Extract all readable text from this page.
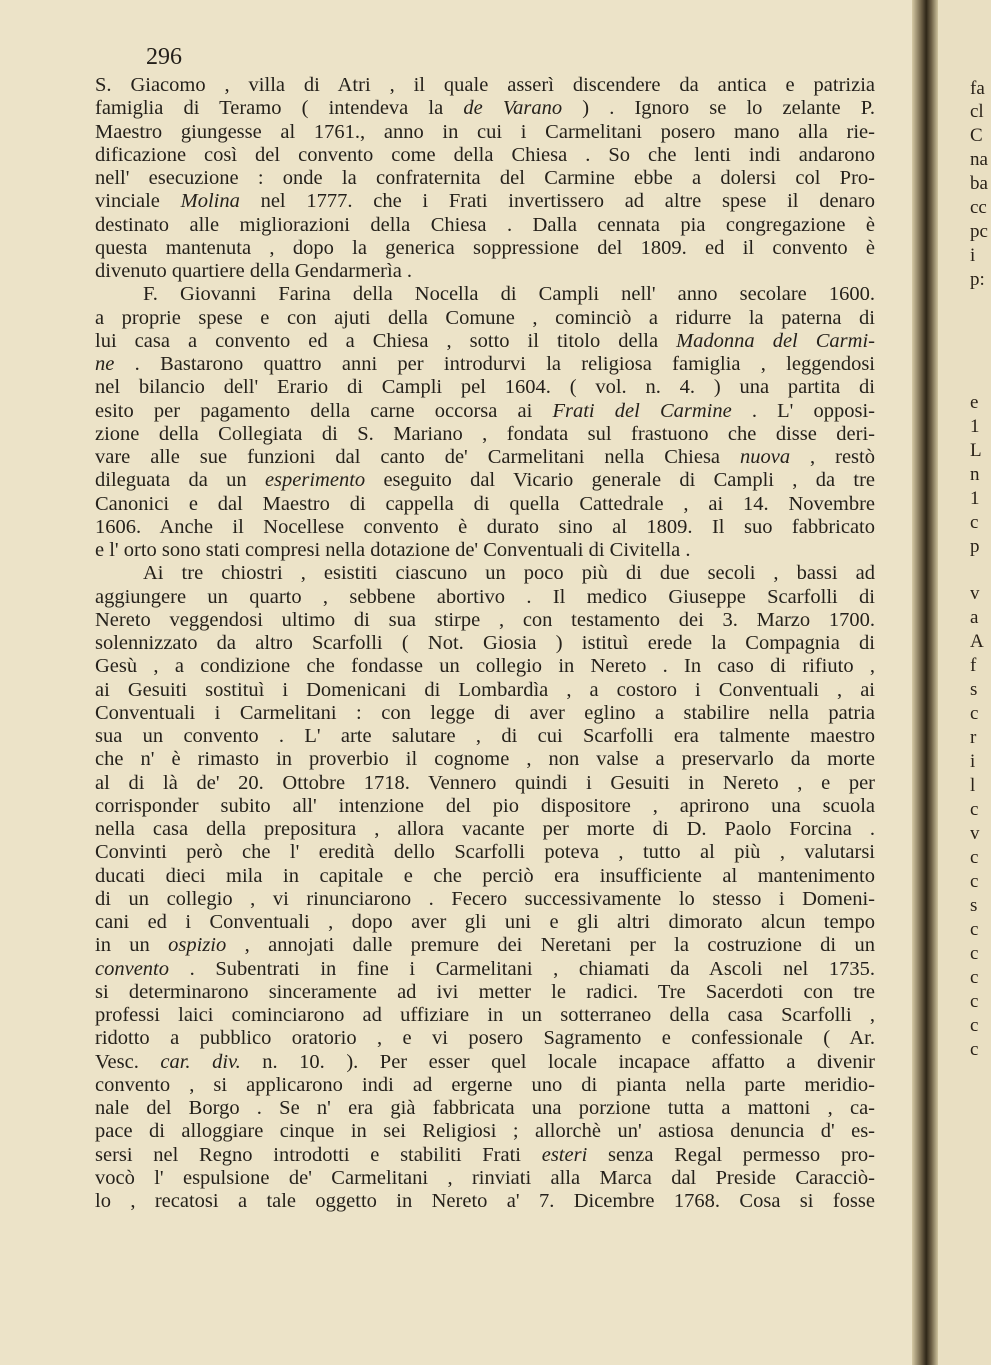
296
S. Giacomo , villa di Atri , il quale asserì discendere da antica e patrizia
famiglia di Teramo ( intendeva la de Varano ) . Ignoro se lo zelante P.
Maestro giungesse al 1761., anno in cui i Carmelitani posero mano alla rie-
dificazione così del convento come della Chiesa . So che lenti indi andarono
nell' esecuzione : onde la confraternita del Carmine ebbe a dolersi col Pro-
vinciale Molina nel 1777. che i Frati invertissero ad altre spese il denaro
destinato alle migliorazioni della Chiesa . Dalla cennata pia congregazione è
questa mantenuta , dopo la generica soppressione del 1809. ed il convento è
divenuto quartiere della Gendarmerìa .
F. Giovanni Farina della Nocella di Campli nell' anno secolare 1600.
a proprie spese e con ajuti della Comune , cominciò a ridurre la paterna di
lui casa a convento ed a Chiesa , sotto il titolo della Madonna del Carmi-
ne . Bastarono quattro anni per introdurvi la religiosa famiglia , leggendosi
nel bilancio dell' Erario di Campli pel 1604. ( vol. n. 4. ) una partita di
esito per pagamento della carne occorsa ai Frati del Carmine . L' opposi-
zione della Collegiata di S. Mariano , fondata sul frastuono che disse deri-
vare alle sue funzioni dal canto de' Carmelitani nella Chiesa nuova , restò
dileguata da un esperimento eseguito dal Vicario generale di Campli , da tre
Canonici e dal Maestro di cappella di quella Cattedrale , ai 14. Novembre
1606. Anche il Nocellese convento è durato sino al 1809. Il suo fabbricato
e l' orto sono stati compresi nella dotazione de' Conventuali di Civitella .
Ai tre chiostri , esistiti ciascuno un poco più di due secoli , bassi ad
aggiungere un quarto , sebbene abortivo . Il medico Giuseppe Scarfolli di
Nereto veggendosi ultimo di sua stirpe , con testamento dei 3. Marzo 1700.
solennizzato da altro Scarfolli ( Not. Giosia ) istituì erede la Compagnia di
Gesù , a condizione che fondasse un collegio in Nereto . In caso di rifiuto ,
ai Gesuiti sostituì i Domenicani di Lombardìa , a costoro i Conventuali , ai
Conventuali i Carmelitani : con legge di aver eglino a stabilire nella patria
sua un convento . L' arte salutare , di cui Scarfolli era talmente maestro
che n' è rimasto in proverbio il cognome , non valse a preservarlo da morte
al di là de' 20. Ottobre 1718. Vennero quindi i Gesuiti in Nereto , e per
corrisponder subito all' intenzione del pio dispositore , aprirono una scuola
nella casa della prepositura , allora vacante per morte di D. Paolo Forcina .
Convinti però che l' eredità dello Scarfolli poteva , tutto al più , valutarsi
ducati dieci mila in capitale e che perciò era insufficiente al mantenimento
di un collegio , vi rinunciarono . Fecero successivamente lo stesso i Domeni-
cani ed i Conventuali , dopo aver gli uni e gli altri dimorato alcun tempo
in un ospizio , annojati dalle premure dei Neretani per la costruzione di un
convento . Subentrati in fine i Carmelitani , chiamati da Ascoli nel 1735.
si determinarono sinceramente ad ivi metter le radici. Tre Sacerdoti con tre
professi laici cominciarono ad uffiziare in un sotterraneo della casa Scarfolli ,
ridotto a pubblico oratorio , e vi posero Sagramento e confessionale ( Ar.
Vesc. car. div. n. 10. ). Per esser quel locale incapace affatto a divenir
convento , si applicarono indi ad ergerne uno di pianta nella parte meridio-
nale del Borgo . Se n' era già fabbricata una porzione tutta a mattoni , ca-
pace di alloggiare cinque in sei Religiosi ; allorchè un' astiosa denuncia d' es-
sersi nel Regno introdotti e stabiliti Frati esteri senza Regal permesso pro-
vocò l' espulsione de' Carmelitani , rinviati alla Marca dal Preside Caracciò-
lo , recatosi a tale oggetto in Nereto a' 7. Dicembre 1768. Cosa si fosse
fa
cl
C
na
ba
cc
pc
i
p:
e
1
L
n
1
c
p
v
a
A
f
s
c
r
i
l
c
v
c
c
s
c
c
c
c
c
c
